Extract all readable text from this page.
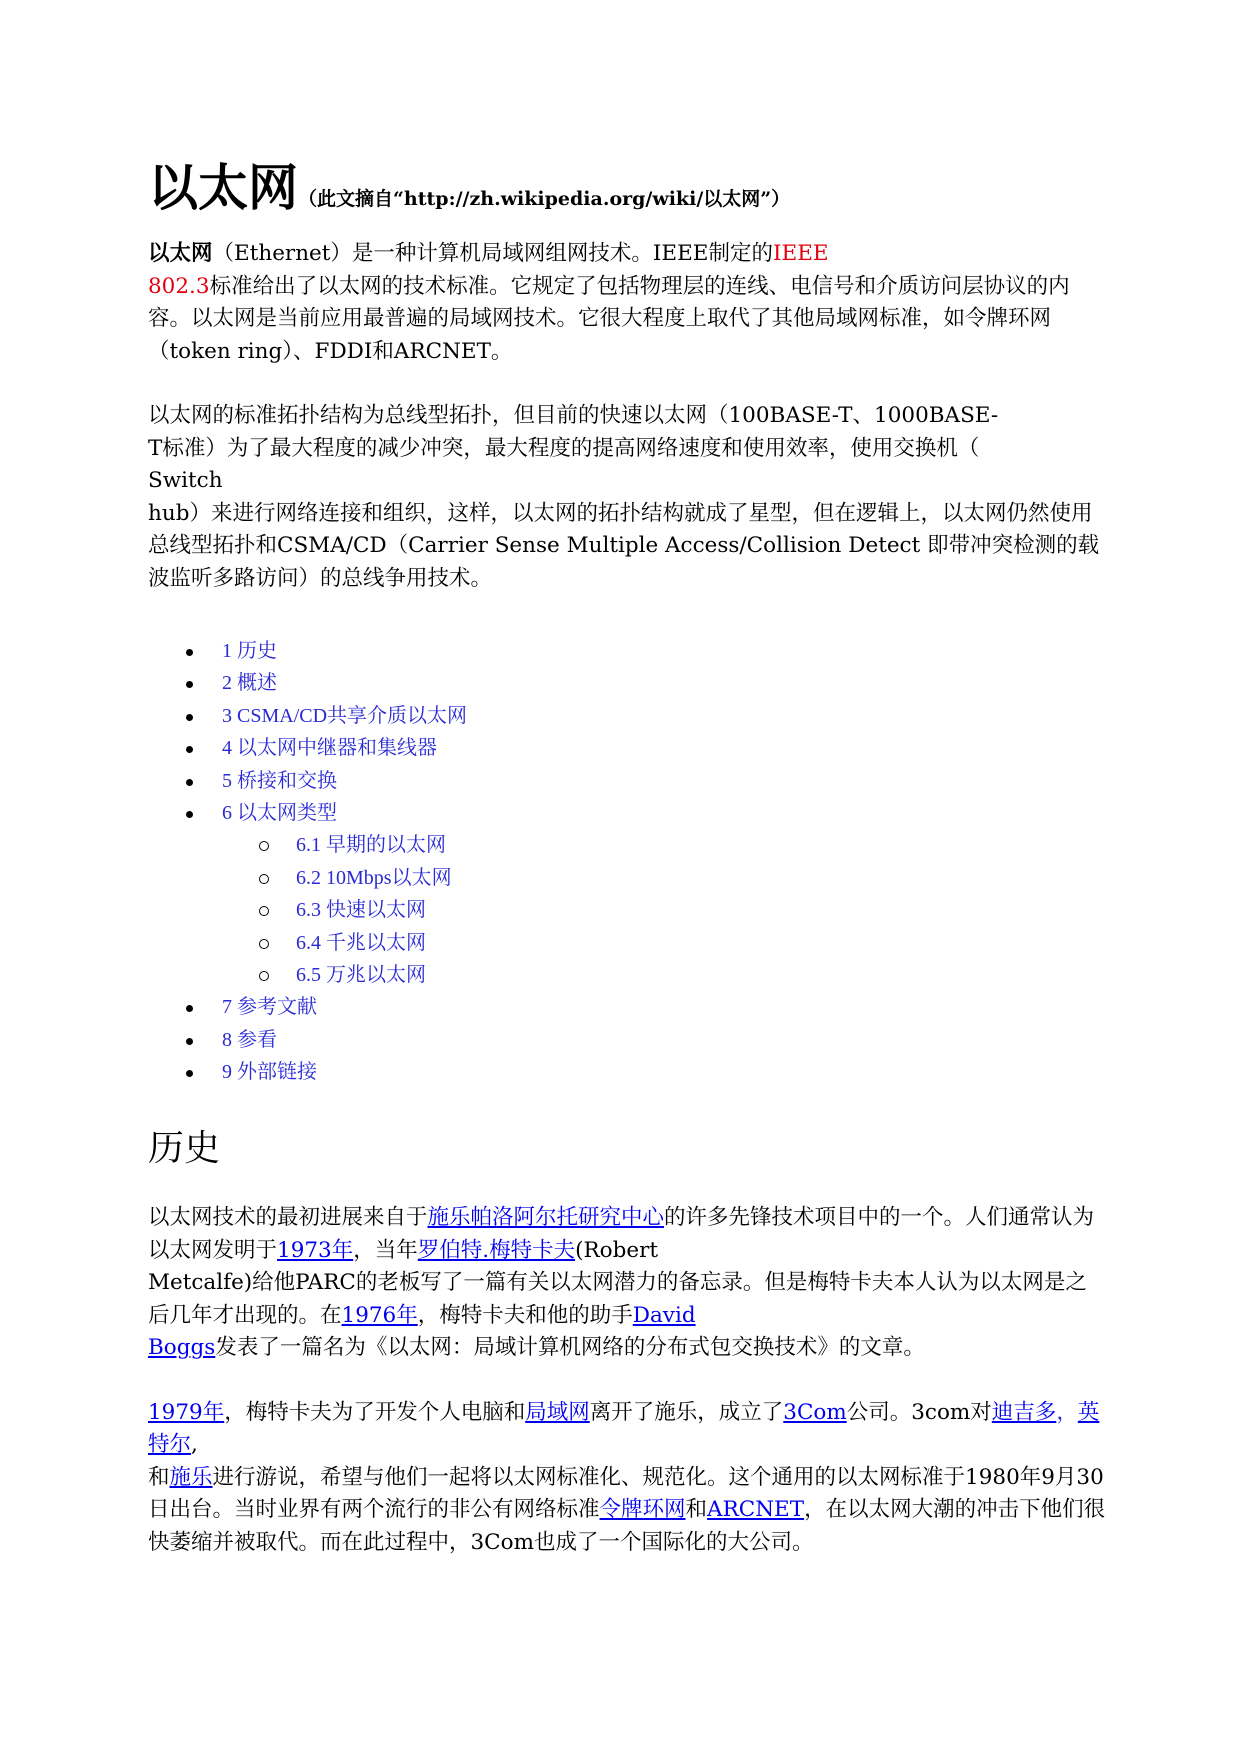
以太网（此文摘自“http://zh.wikipedia.org/wiki/以太网”）

以太网（Ethernet）是一种计算机局域网组网技术。IEEE制定的IEEE
802.3标准给出了以太网的技术标准。它规定了包括物理层的连线、电信号和介质访问层协议的内容。以太网是当前应用最普遍的局域网技术。它很大程度上取代了其他局域网标准，如令牌环网（token ring）、FDDI和ARCNET。

以太网的标准拓扑结构为总线型拓扑，但目前的快速以太网（100BASE-T、1000BASE-
T标准）为了最大程度的减少冲突，最大程度的提高网络速度和使用效率，使用交换机（
Switch
hub）来进行网络连接和组织，这样，以太网的拓扑结构就成了星型，但在逻辑上，以太网仍然使用总线型拓扑和CSMA/CD（Carrier Sense Multiple Access/Collision Detect 即带冲突检测的载波监听多路访问）的总线争用技术。

1 历史
2 概述
3 CSMA/CD共享介质以太网
4 以太网中继器和集线器
5 桥接和交换
6 以太网类型
6.1 早期的以太网
6.2 10Mbps以太网
6.3 快速以太网
6.4 千兆以太网
6.5 万兆以太网
7 参考文献
8 参看
9 外部链接
历史

以太网技术的最初进展来自于施乐帕洛阿尔托研究中心的许多先锋技术项目中的一个。人们通常认为以太网发明于1973年，当年罗伯特.梅特卡夫(Robert
Metcalfe)给他PARC的老板写了一篇有关以太网潜力的备忘录。但是梅特卡夫本人认为以太网是之后几年才出现的。在1976年，梅特卡夫和他的助手David
Boggs发表了一篇名为《以太网：局域计算机网络的分布式包交换技术》的文章。

1979年，梅特卡夫为了开发个人电脑和局域网离开了施乐，成立了3Com公司。3com对迪吉多，英特尔,
和施乐进行游说，希望与他们一起将以太网标准化、规范化。这个通用的以太网标准于1980年9月30日出台。当时业界有两个流行的非公有网络标准令牌环网和ARCNET，在以太网大潮的冲击下他们很快萎缩并被取代。而在此过程中，3Com也成了一个国际化的大公司。
